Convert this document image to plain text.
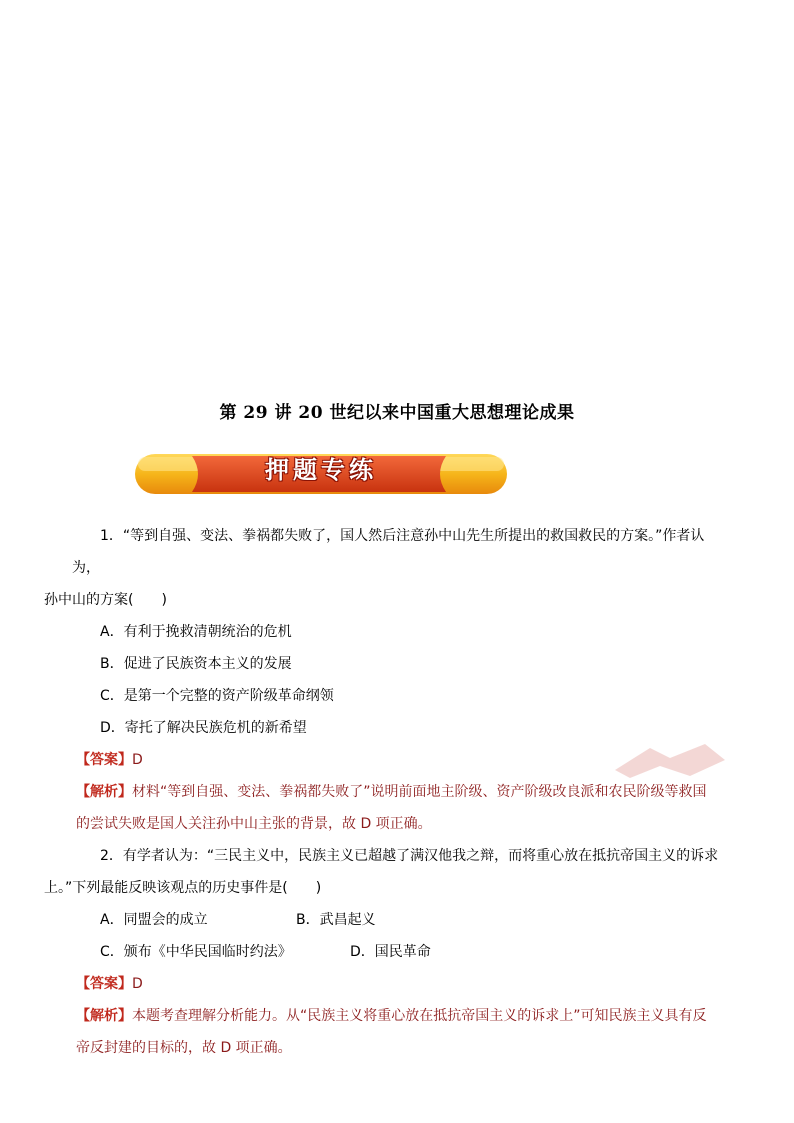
第 29 讲 20 世纪以来中国重大思想理论成果
押题专练

1．“等到自强、变法、拳祸都失败了，国人然后注意孙中山先生所提出的救国救民的方案。”作者认为，
孙中山的方案(　　)

A．有利于挽救清朝统治的危机

B．促进了民族资本主义的发展

C．是第一个完整的资产阶级革命纲领

D．寄托了解决民族危机的新希望

【答案】D

【解析】材料“等到自强、变法、拳祸都失败了”说明前面地主阶级、资产阶级改良派和农民阶级等救国
的尝试失败是国人关注孙中山主张的背景，故 D 项正确。

2．有学者认为：“三民主义中，民族主义已超越了满汉他我之辩，而将重心放在抵抗帝国主义的诉求
上。”下列最能反映该观点的历史事件是(　　)

A．同盟会的成立	B．武昌起义
C．颁布《中华民国临时约法》	D．国民革命

【答案】D

【解析】本题考查理解分析能力。从“民族主义将重心放在抵抗帝国主义的诉求上”可知民族主义具有反
帝反封建的目标的，故 D 项正确。
